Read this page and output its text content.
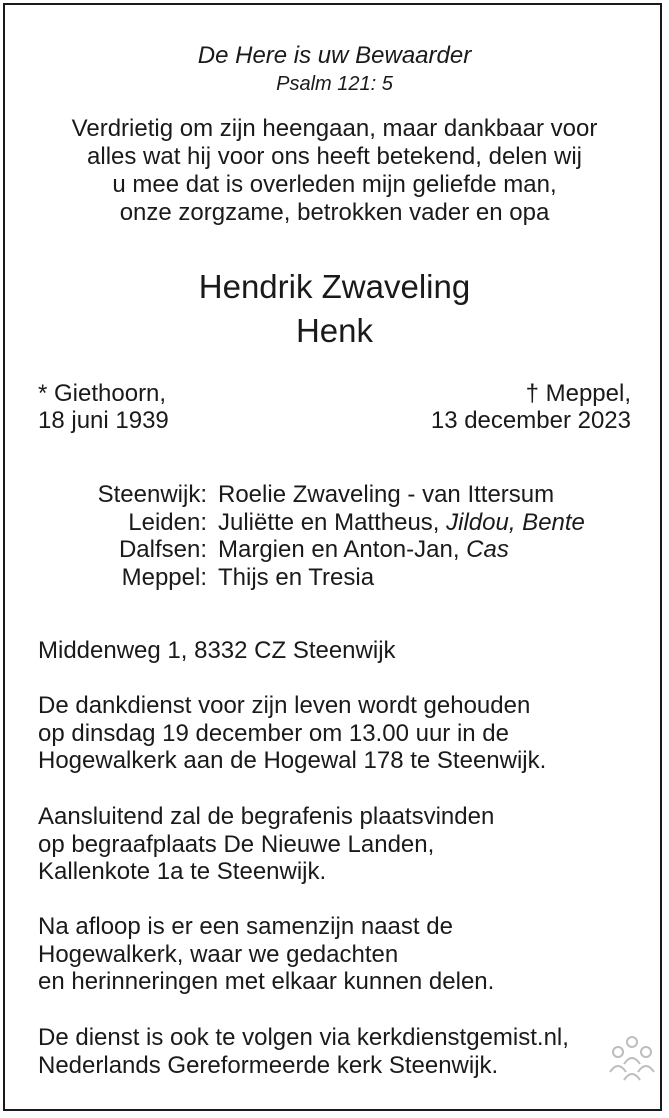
De Here is uw Bewaarder
Psalm 121: 5
Verdrietig om zijn heengaan, maar dankbaar voor
alles wat hij voor ons heeft betekend, delen wij
u mee dat is overleden mijn geliefde man,
onze zorgzame, betrokken vader en opa
Hendrik Zwaveling
Henk
* Giethoorn,
18 juni 1939
† Meppel,
13 december 2023
Steenwijk: Roelie Zwaveling - van Ittersum
Leiden: Juliëtte en Mattheus, Jildou, Bente
Dalfsen: Margien en Anton-Jan, Cas
Meppel: Thijs en Tresia
Middenweg 1, 8332 CZ Steenwijk
De dankdienst voor zijn leven wordt gehouden
op dinsdag 19 december om 13.00 uur in de
Hogewalkerk aan de Hogewal 178 te Steenwijk.
Aansluitend zal de begrafenis plaatsvinden
op begraafplaats De Nieuwe Landen,
Kallenkote 1a te Steenwijk.
Na afloop is er een samenzijn naast de
Hogewalkerk, waar we gedachten
en herinneringen met elkaar kunnen delen.
De dienst is ook te volgen via kerkdienstgemist.nl,
Nederlands Gereformeerde kerk Steenwijk.
